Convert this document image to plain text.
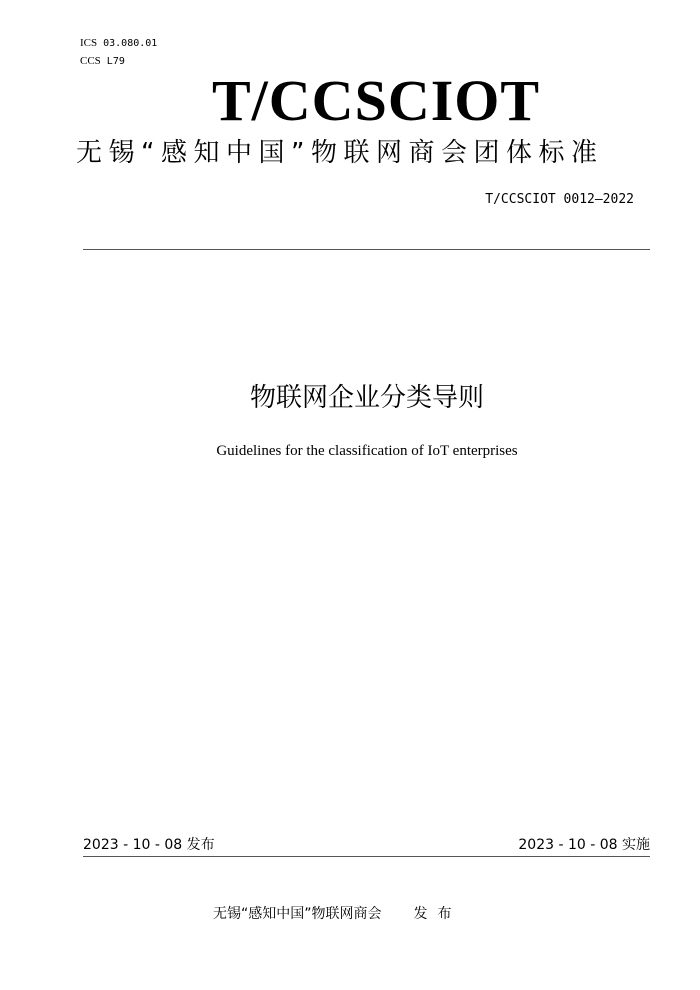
ICS 03.080.01
CCS L79
T/CCSCIOT
无锡“感知中国”物联网商会团体标准
T/CCSCIOT 0012—2022
物联网企业分类导则
Guidelines for the classification of IoT enterprises
2023 - 10 - 08 发布	2023 - 10 - 08 实施
无锡“感知中国”物联网商会 发布
